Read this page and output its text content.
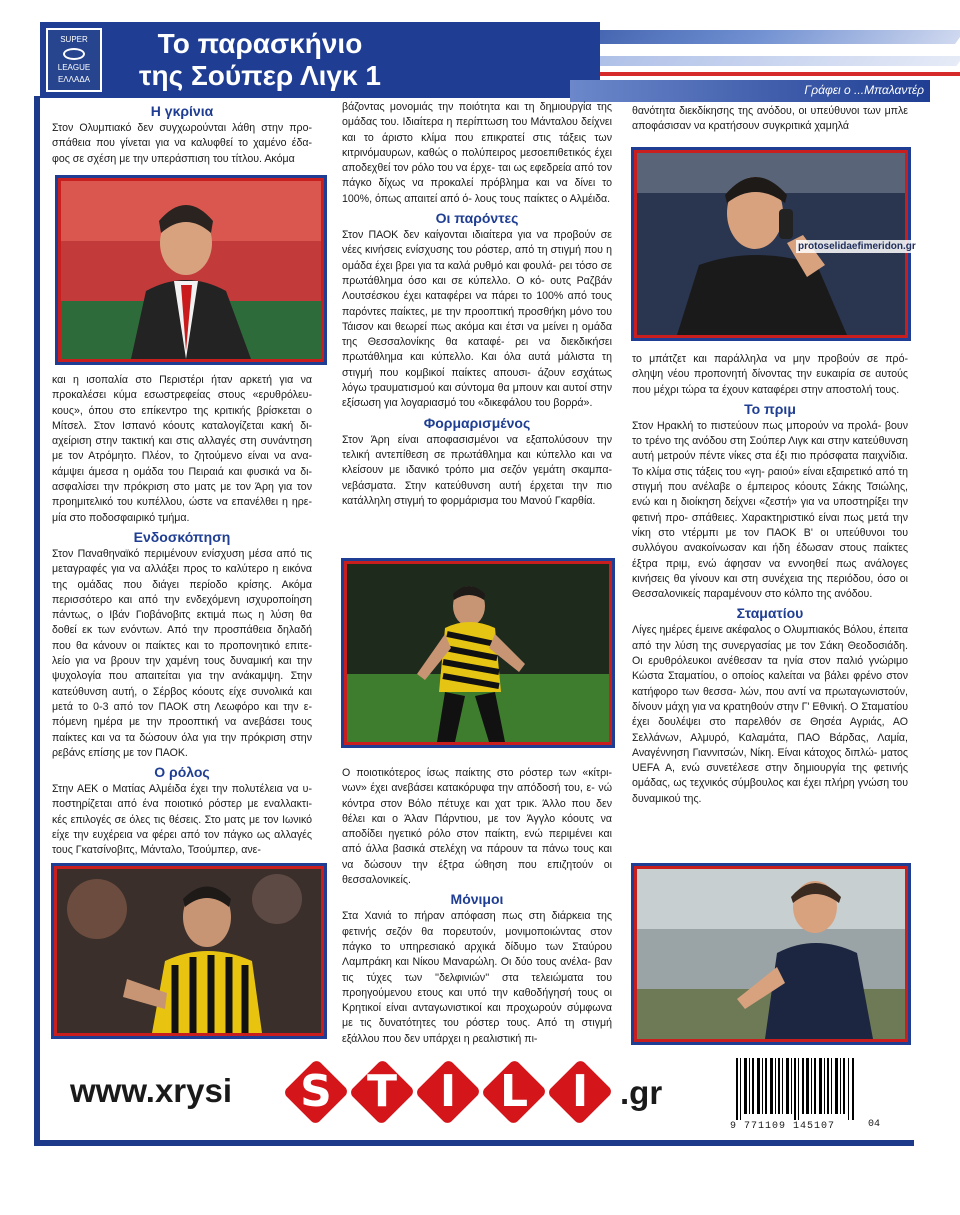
SUPER
LEAGUE
ΕΛΛΑΔΑ
Το παρασκήνιο
της Σούπερ Λιγκ 1	Γράφει ο ...Μπαλαντέρ
Η γκρίνια

Στον Ολυμπιακό δεν συγχωρούνται λάθη στην προ- σπάθεια που γίνεται για να καλυφθεί το χαμένο έδα- φος σε σχέση με την υπεράσπιση του τίτλου. Ακόμα

και η ισοπαλία στο Περιστέρι ήταν αρκετή για να προκαλέσει κύμα εσωστρεφείας στους «ερυθρόλευ- κους», όπου στο επίκεντρο της κριτικής βρίσκεται ο Μίτσελ. Στον Ισπανό κόουτς καταλογίζεται κακή δι- αχείριση στην τακτική και στις αλλαγές στη συνάντηση με τον Ατρόμητο. Πλέον, το ζητούμενο είναι να ανα- κάμψει άμεσα η ομάδα του Πειραιά και φυσικά να δι- ασφαλίσει την πρόκριση στο ματς με τον Άρη για τον προημιτελικό του κυπέλλου, ώστε να επανέλθει η ηρε- μία στο ποδοσφαιρικό τμήμα.

Ενδοσκόπηση

Στον Παναθηναϊκό περιμένουν ενίσχυση μέσα από τις μεταγραφές για να αλλάξει προς το καλύτερο η εικόνα της ομάδας που διάγει περίοδο κρίσης. Ακόμα περισσότερο και από την ενδεχόμενη ισχυροποίηση πάντως, ο Ιβάν Γιοβάνοβιτς εκτιμά πως η λύση θα δοθεί εκ των ενόντων. Από την προσπάθεια δηλαδή που θα κάνουν οι παίκτες και το προπονητικό επιτε- λείο για να βρουν την χαμένη τους δυναμική και την ψυχολογία που απαιτείται για την ανάκαμψη. Στην κατεύθυνση αυτή, ο Σέρβος κόουτς είχε συνολικά και μετά το 0-3 από τον ΠΑΟΚ στη Λεωφόρο και την ε- πόμενη ημέρα με την προοπτική να ανεβάσει τους παίκτες και να τα δώσουν όλα για την πρόκριση στην ρεβάνς επίσης με τον ΠΑΟΚ.

Ο ρόλος

Στην ΑΕΚ ο Ματίας Αλμέιδα έχει την πολυτέλεια να υ- ποστηρίζεται από ένα ποιοτικό ρόστερ με εναλλακτι- κές επιλογές σε όλες τις θέσεις. Στο ματς με τον Ιωνικό είχε την ευχέρεια να φέρει από τον πάγκο ως αλλαγές τους Γκατσίνοβιτς, Μάνταλο, Τσούμπερ, ανε-

βάζοντας μονομιάς την ποιότητα και τη δημιουργία της ομάδας του. Ιδιαίτερα η περίπτωση του Μάνταλου δείχνει και το άριστο κλίμα που επικρατεί στις τάξεις των κιτρινόμαυρων, καθώς ο πολύπειρος μεσοεπιθετικός έχει αποδεχθεί τον ρόλο του να έρχε- ται ως εφεδρεία από τον πάγκο δίχως να προκαλεί πρόβλημα και να δίνει το 100%, όπως απαιτεί από ό- λους τους παίκτες ο Αλμέιδα.

Οι παρόντες

Στον ΠΑΟΚ δεν καίγονται ιδιαίτερα για να προβούν σε νέες κινήσεις ενίσχυσης του ρόστερ, από τη στιγμή που η ομάδα έχει βρει για τα καλά ρυθμό και φουλά- ρει τόσο σε πρωτάθλημα όσο και σε κύπελλο. Ο κό- ουτς Ραζβάν Λουτσέσκου έχει καταφέρει να πάρει το 100% από τους παρόντες παίκτες, με την προοπτική προσθήκη μόνο του Τάισον και θεωρεί πως ακόμα και έτσι να μείνει η ομάδα της Θεσσαλονίκης θα καταφέ- ρει να διεκδικήσει πρωτάθλημα και κύπελλο. Και όλα αυτά μάλιστα τη στιγμή που κομβικοί παίκτες απουσι- άζουν εσχάτως λόγω τραυματισμού και σύντομα θα μπουν και αυτοί στην εξίσωση για λογαριασμό του «δικεφάλου του βορρά».

Φορμαρισμένος

Στον Άρη είναι αποφασισμένοι να εξαπολύσουν την τελική αντεπίθεση σε πρωτάθλημα και κύπελλο και να κλείσουν με ιδανικό τρόπο μια σεζόν γεμάτη σκαμπα- νεβάσματα. Στην κατεύθυνση αυτή έρχεται την πιο κατάλληλη στιγμή το φορμάρισμα του Μανού Γκαρθία.

Ο ποιοτικότερος ίσως παίκτης στο ρόστερ των «κίτρι- νων» έχει ανεβάσει κατακόρυφα την απόδοσή του, ε- νώ κόντρα στον Βόλο πέτυχε και χατ τρικ. Άλλο που δεν θέλει και ο Άλαν Πάρντιου, με τον Άγγλο κόουτς να αποδίδει ηγετικό ρόλο στον παίκτη, ενώ περιμένει και από άλλα βασικά στελέχη να πάρουν τα πάνω τους και να δώσουν την έξτρα ώθηση που επιζητούν οι θεσσαλονικείς.

Μόνιμοι

Στα Χανιά το πήραν απόφαση πως στη διάρκεια της φετινής σεζόν θα πορευτούν, μονιμοποιώντας στον πάγκο το υπηρεσιακό αρχικά δίδυμο των Σταύρου Λαμπράκη και Νίκου Μαναρώλη. Οι δύο τους ανέλα- βαν τις τύχες των ''δελφινιών'' στα τελειώματα του προηγούμενου ετους και υπό την καθοδήγησή τους οι Κρητικοί είναι ανταγωνιστικοί και προχωρούν σύμφωνα με τις δυνατότητες του ρόστερ τους. Από τη στιγμή εξάλλου που δεν υπάρχει η ρεαλιστική πι-

θανότητα διεκδίκησης της ανόδου, οι υπεύθυνοι των μπλε αποφάσισαν να κρατήσουν συγκριτικά χαμηλά

protoselidaefimeridon.gr

το μπάτζετ και παράλληλα να μην προβούν σε πρό- σληψη νέου προπονητή δίνοντας την ευκαιρία σε αυτούς που μέχρι τώρα τα έχουν καταφέρει στην αποστολή τους.

Το πριμ

Στον Ηρακλή το πιστεύουν πως μπορούν να προλά- βουν το τρένο της ανόδου στη Σούπερ Λιγκ και στην κατεύθυνση αυτή μετρούν πέντε νίκες στα έξι πιο πρόσφατα παιχνίδια. Το κλίμα στις τάξεις του «γη- ραιού» είναι εξαιρετικό από τη στιγμή που ανέλαβε ο έμπειρος κόουτς Σάκης Τσιώλης, ενώ και η διοίκηση δείχνει «ζεστή» για να υποστηρίξει την φετινή προ- σπάθειες. Χαρακτηριστικό είναι πως μετά την νίκη στο ντέρμπι με τον ΠΑΟΚ Β' οι υπεύθυνοι του συλλόγου ανακοίνωσαν και ήδη έδωσαν στους παίκτες έξτρα πριμ, ενώ άφησαν να εννοηθεί πως ανάλογες κινήσεις θα γίνουν και στη συνέχεια της περιόδου, όσο οι Θεσσαλονικείς παραμένουν στο κόλπο της ανόδου.

Σταματίου

Λίγες ημέρες έμεινε ακέφαλος ο Ολυμπιακός Βόλου, έπειτα από την λύση της συνεργασίας με τον Σάκη Θεοδοσιάδη. Οι ερυθρόλευκοι ανέθεσαν τα ηνία στον παλιό γνώριμο Κώστα Σταματίου, ο οποίος καλείται να βάλει φρένο στον κατήφορο των θεσσα- λών, που αντί να πρωταγωνιστούν, δίνουν μάχη για να κρατηθούν στην Γ' Εθνική. Ο Σταματίου έχει δουλέψει στο παρελθόν σε Θησέα Αγριάς, ΑΟ Σελλάνων, Αλμυρό, Καλαμάτα, ΠΑΟ Βάρδας, Λαμία, Αναγέννηση Γιαννιτσών, Νίκη. Είναι κάτοχος διπλώ- ματος UEFA A, ενώ συνετέλεσε στην δημιουργία της φετινής ομάδας, ως τεχνικός σύμβουλος και έχει πλήρη γνώση του δυναμικού της.

www.xrysi	S T I L I .gr
9 771109 145107	04
